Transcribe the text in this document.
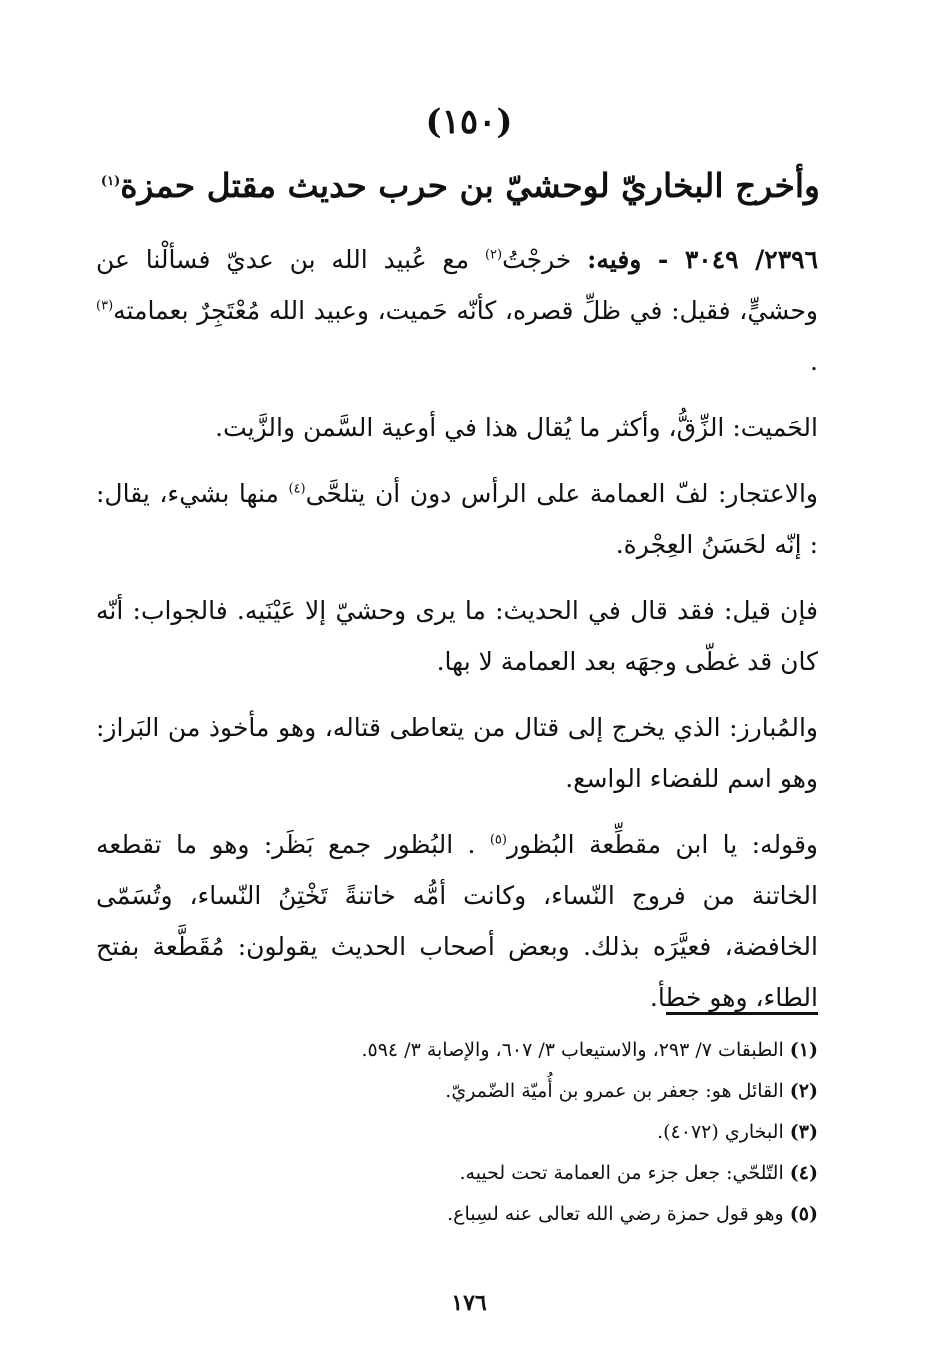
(١٥٠)
وأخرج البخاريّ لوحشيّ بن حرب حديث مقتل حمزة$^{(١)}$

٢٣٩٦/ ٣٠٤٩ - وفيه: خرجْتُ$^{(٢)}$ مع عُبيد الله بن عديّ فسألْنا عن وحشيٍّ، فقيل: في ظلِّ قصره، كأنّه حَميت، وعبيد الله مُعْتَجِرٌ بعمامته$^{(٣)}$ .

الحَميت: الزِّقُّ، وأكثر ما يُقال هذا في أوعية السَّمن والزَّيت.

والاعتجار: لفّ العمامة على الرأس دون أن يتلحَّى$^{(٤)}$ منها بشيء، يقال: : إنّه لحَسَنُ العِجْرة.

فإن قيل: فقد قال في الحديث: ما يرى وحشيّ إلا عَيْنَيه. فالجواب: أنّه كان قد غطّى وجهَه بعد العمامة لا بها.

والمُبارز: الذي يخرج إلى قتال من يتعاطى قتاله، وهو مأخوذ من البَراز: وهو اسم للفضاء الواسع.

وقوله: يا ابن مقطِّعة البُظور$^{(٥)}$ . البُظور جمع بَظَر: وهو ما تقطعه الخاتنة من فروج النّساء، وكانت أمُّه خاتنةً تَخْتِنُ النّساء، وتُسَمّى الخافضة، فعيَّرَه بذلك. وبعض أصحاب الحديث يقولون: مُقَطَّعة بفتح الطاء، وهو خطأ.

(١) الطبقات ٧/ ٢٩٣، والاستيعاب ٣/ ٦٠٧، والإصابة ٣/ ٥٩٤.

(٢) القائل هو: جعفر بن عمرو بن أُميّة الضّمريّ.

(٣) البخاري (٤٠٧٢).

(٤) التّلحّي: جعل جزء من العمامة تحت لحييه.

(٥) وهو قول حمزة رضي الله تعالى عنه لسِباع.

١٧٦
